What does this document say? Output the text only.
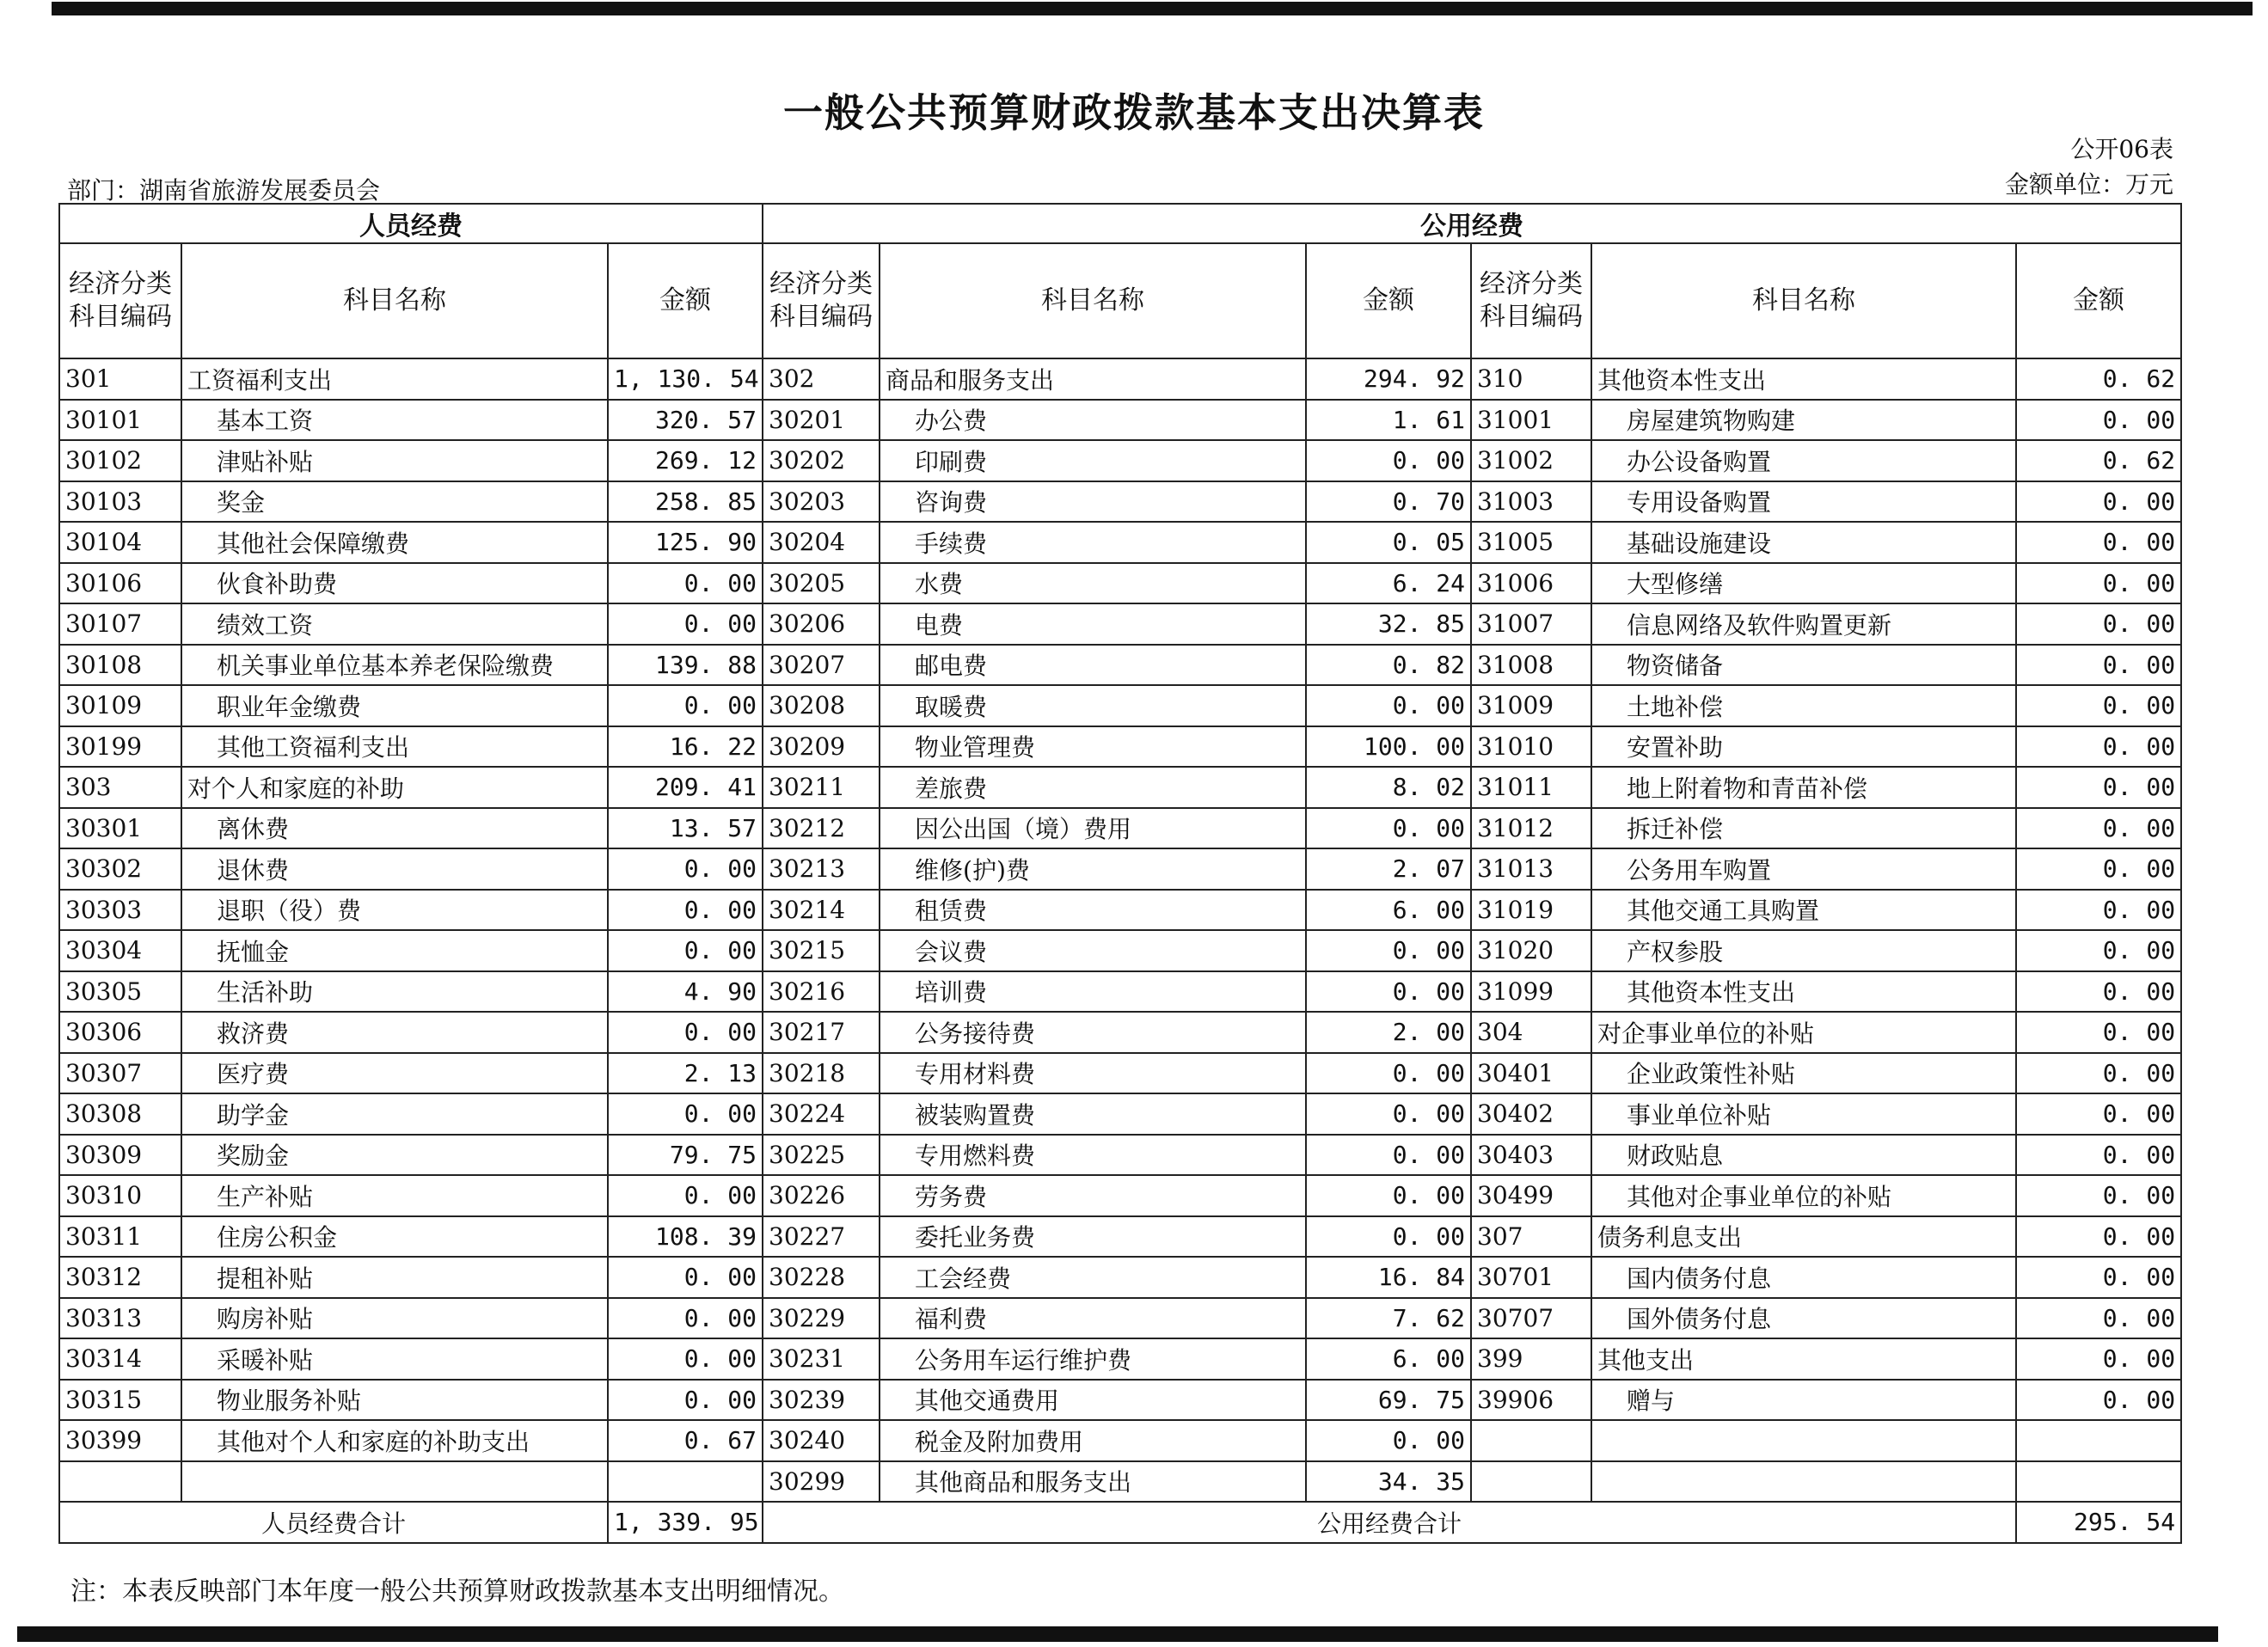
一般公共预算财政拨款基本支出决算表
公开06表
部门：湖南省旅游发展委员会	金额单位：万元
人员经费			公用经费					
经济分类科目编码	科目名称	金额	经济分类科目编码	科目名称	金额	经济分类科目编码	科目名称	金额
301	工资福利支出	1, 130. 54	302	商品和服务支出	294. 92	310	其他资本性支出	0. 62
30101	基本工资	320. 57	30201	办公费	1. 61	31001	房屋建筑物购建	0. 00
30102	津贴补贴	269. 12	30202	印刷费	0. 00	31002	办公设备购置	0. 62
30103	奖金	258. 85	30203	咨询费	0. 70	31003	专用设备购置	0. 00
30104	其他社会保障缴费	125. 90	30204	手续费	0. 05	31005	基础设施建设	0. 00
30106	伙食补助费	0. 00	30205	水费	6. 24	31006	大型修缮	0. 00
30107	绩效工资	0. 00	30206	电费	32. 85	31007	信息网络及软件购置更新	0. 00
30108	机关事业单位基本养老保险缴费	139. 88	30207	邮电费	0. 82	31008	物资储备	0. 00
30109	职业年金缴费	0. 00	30208	取暖费	0. 00	31009	土地补偿	0. 00
30199	其他工资福利支出	16. 22	30209	物业管理费	100. 00	31010	安置补助	0. 00
303	对个人和家庭的补助	209. 41	30211	差旅费	8. 02	31011	地上附着物和青苗补偿	0. 00
30301	离休费	13. 57	30212	因公出国（境）费用	0. 00	31012	拆迁补偿	0. 00
30302	退休费	0. 00	30213	维修(护)费	2. 07	31013	公务用车购置	0. 00
30303	退职（役）费	0. 00	30214	租赁费	6. 00	31019	其他交通工具购置	0. 00
30304	抚恤金	0. 00	30215	会议费	0. 00	31020	产权参股	0. 00
30305	生活补助	4. 90	30216	培训费	0. 00	31099	其他资本性支出	0. 00
30306	救济费	0. 00	30217	公务接待费	2. 00	304	对企事业单位的补贴	0. 00
30307	医疗费	2. 13	30218	专用材料费	0. 00	30401	企业政策性补贴	0. 00
30308	助学金	0. 00	30224	被装购置费	0. 00	30402	事业单位补贴	0. 00
30309	奖励金	79. 75	30225	专用燃料费	0. 00	30403	财政贴息	0. 00
30310	生产补贴	0. 00	30226	劳务费	0. 00	30499	其他对企事业单位的补贴	0. 00
30311	住房公积金	108. 39	30227	委托业务费	0. 00	307	债务利息支出	0. 00
30312	提租补贴	0. 00	30228	工会经费	16. 84	30701	国内债务付息	0. 00
30313	购房补贴	0. 00	30229	福利费	7. 62	30707	国外债务付息	0. 00
30314	采暖补贴	0. 00	30231	公务用车运行维护费	6. 00	399	其他支出	0. 00
30315	物业服务补贴	0. 00	30239	其他交通费用	69. 75	39906	赠与	0. 00
30399	其他对个人和家庭的补助支出	0. 67	30240	税金及附加费用	0. 00			
			30299	其他商品和服务支出	34. 35			
人员经费合计		1, 339. 95	公用经费合计					295. 54
注：本表反映部门本年度一般公共预算财政拨款基本支出明细情况。
